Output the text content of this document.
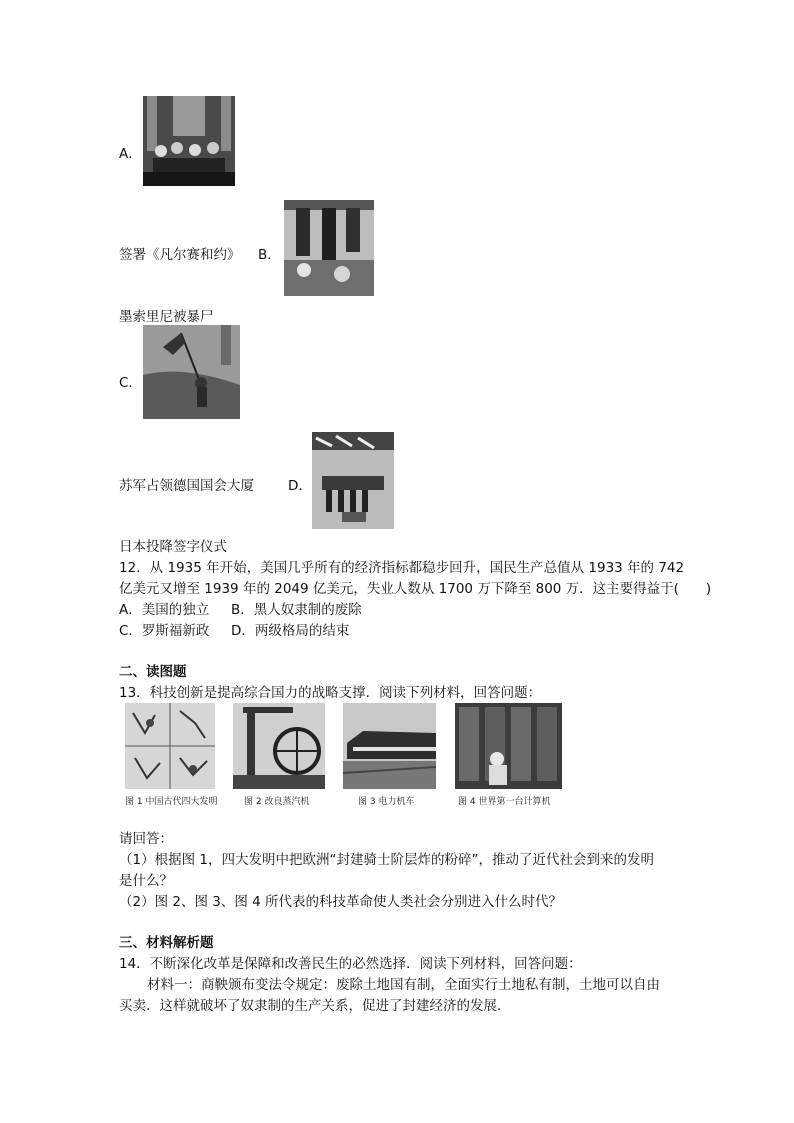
A．
签署《凡尔赛和约》 B．
墨索里尼被暴尸
C．
苏军占领德国国会大厦	D．
日本投降签字仪式
12．从 1935 年开始，美国几乎所有的经济指标都稳步回升，国民生产总值从 1933 年的 742
亿美元又增至 1939 年的 2049 亿美元，失业人数从 1700 万下降至 800 万．这主要得益于(　　)
A．美国的独立 B．黑人奴隶制的废除
C．罗斯福新政 D．两级格局的结束
二、读图题
13．科技创新是提高综合国力的战略支撑．阅读下列材料，回答问题：
图 1 中国古代四大发明	图 2 改良蒸汽机	图 3 电力机车	图 4 世界第一台计算机
请回答：
（1）根据图 1，四大发明中把欧洲“封建骑士阶层炸的粉碎”，推动了近代社会到来的发明
是什么？
（2）图 2、图 3、图 4 所代表的科技革命使人类社会分别进入什么时代？
三、材料解析题
14．不断深化改革是保障和改善民生的必然选择．阅读下列材料，回答问题：
材料一：商鞅颁布变法令规定：废除土地国有制，全面实行土地私有制，土地可以自由
买卖．这样就破坏了奴隶制的生产关系，促进了封建经济的发展．
